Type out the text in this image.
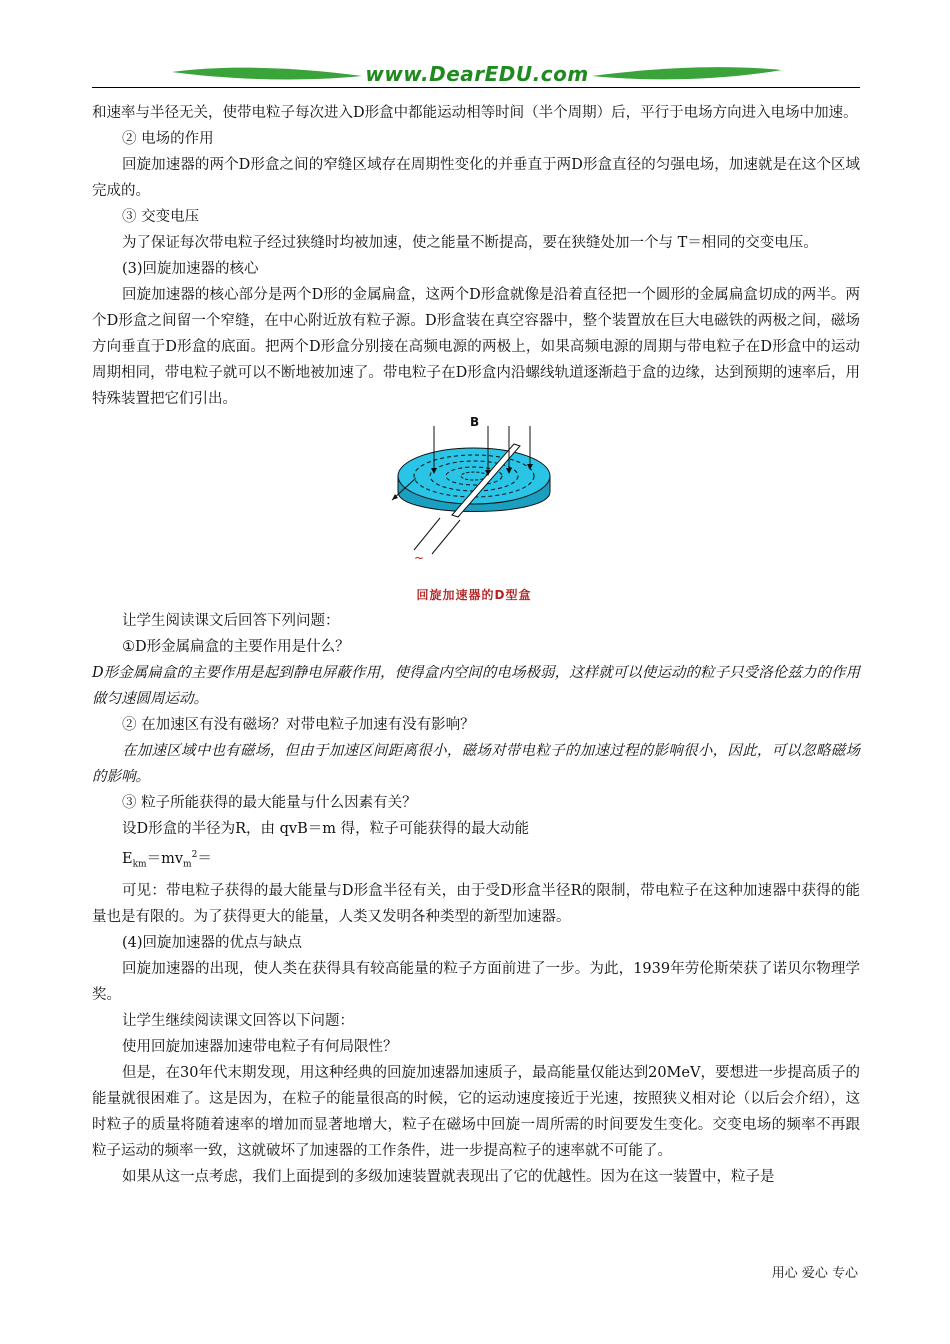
www.DearEDU.com

和速率与半径无关，使带电粒子每次进入D形盒中都能运动相等时间（半个周期）后，平行于电场方向进入电场中加速。

② 电场的作用

回旋加速器的两个D形盒之间的窄缝区域存在周期性变化的并垂直于两D形盒直径的匀强电场，加速就是在这个区域完成的。

③ 交变电压

为了保证每次带电粒子经过狭缝时均被加速，使之能量不断提高，要在狭缝处加一个与 T＝相同的交变电压。

(3)回旋加速器的核心

回旋加速器的核心部分是两个D形的金属扁盒，这两个D形盒就像是沿着直径把一个圆形的金属扁盒切成的两半。两个D形盒之间留一个窄缝，在中心附近放有粒子源。D形盒装在真空容器中，整个装置放在巨大电磁铁的两极之间，磁场方向垂直于D形盒的底面。把两个D形盒分别接在高频电源的两极上，如果高频电源的周期与带电粒子在D形盒中的运动周期相同，带电粒子就可以不断地被加速了。带电粒子在D形盒内沿螺线轨道逐渐趋于盒的边缘，达到预期的速率后，用特殊装置把它们引出。

B
~
回旋加速器的D型盒

让学生阅读课文后回答下列问题：

①D形金属扁盒的主要作用是什么？

D形金属扁盒的主要作用是起到静电屏蔽作用，使得盒内空间的电场极弱，这样就可以使运动的粒子只受洛伦兹力的作用做匀速圆周运动。

② 在加速区有没有磁场？对带电粒子加速有没有影响？

在加速区域中也有磁场，但由于加速区间距离很小，磁场对带电粒子的加速过程的影响很小，因此，可以忽略磁场的影响。

③ 粒子所能获得的最大能量与什么因素有关？

设D形盒的半径为R，由 qvB＝m 得，粒子可能获得的最大动能

$E_{km}=mv_m^2=$

可见：带电粒子获得的最大能量与D形盒半径有关，由于受D形盒半径R的限制，带电粒子在这种加速器中获得的能量也是有限的。为了获得更大的能量，人类又发明各种类型的新型加速器。

(4)回旋加速器的优点与缺点

回旋加速器的出现，使人类在获得具有较高能量的粒子方面前进了一步。为此，1939年劳伦斯荣获了诺贝尔物理学奖。

让学生继续阅读课文回答以下问题：

使用回旋加速器加速带电粒子有何局限性？

但是，在30年代末期发现，用这种经典的回旋加速器加速质子，最高能量仅能达到20MeV，要想进一步提高质子的能量就很困难了。这是因为，在粒子的能量很高的时候，它的运动速度接近于光速，按照狭义相对论（以后会介绍），这时粒子的质量将随着速率的增加而显著地增大，粒子在磁场中回旋一周所需的时间要发生变化。交变电场的频率不再跟粒子运动的频率一致，这就破坏了加速器的工作条件，进一步提高粒子的速率就不可能了。

如果从这一点考虑，我们上面提到的多级加速装置就表现出了它的优越性。因为在这一装置中，粒子是

用心 爱心 专心
